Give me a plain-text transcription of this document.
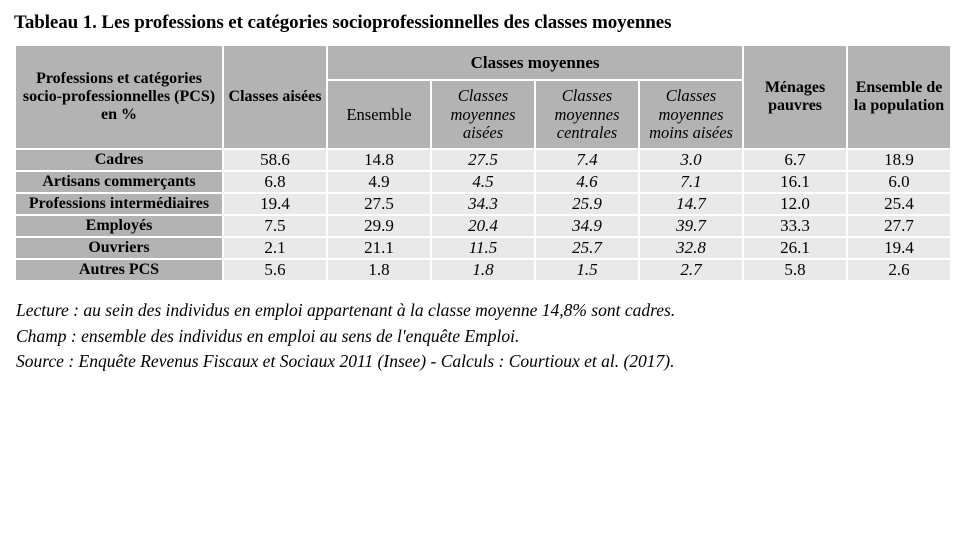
Tableau 1. Les professions et catégories socioprofessionnelles des classes moyennes
Professions et catégories socio-professionnelles (PCS) en %	Classes aisées	Classes moyennes				Ménages pauvres	Ensemble de la population
		Ensemble	Classes moyennes aisées	Classes moyennes centrales	Classes moyennes moins aisées		
Cadres	58.6	14.8	27.5	7.4	3.0	6.7	18.9
Artisans commerçants	6.8	4.9	4.5	4.6	7.1	16.1	6.0
Professions intermédiaires	19.4	27.5	34.3	25.9	14.7	12.0	25.4
Employés	7.5	29.9	20.4	34.9	39.7	33.3	27.7
Ouvriers	2.1	21.1	11.5	25.7	32.8	26.1	19.4
Autres PCS	5.6	1.8	1.8	1.5	2.7	5.8	2.6
Lecture : au sein des individus en emploi appartenant à la classe moyenne 14,8% sont cadres.
Champ : ensemble des individus en emploi au sens de l'enquête Emploi.
Source : Enquête Revenus Fiscaux et Sociaux 2011 (Insee) - Calculs : Courtioux et al. (2017).
